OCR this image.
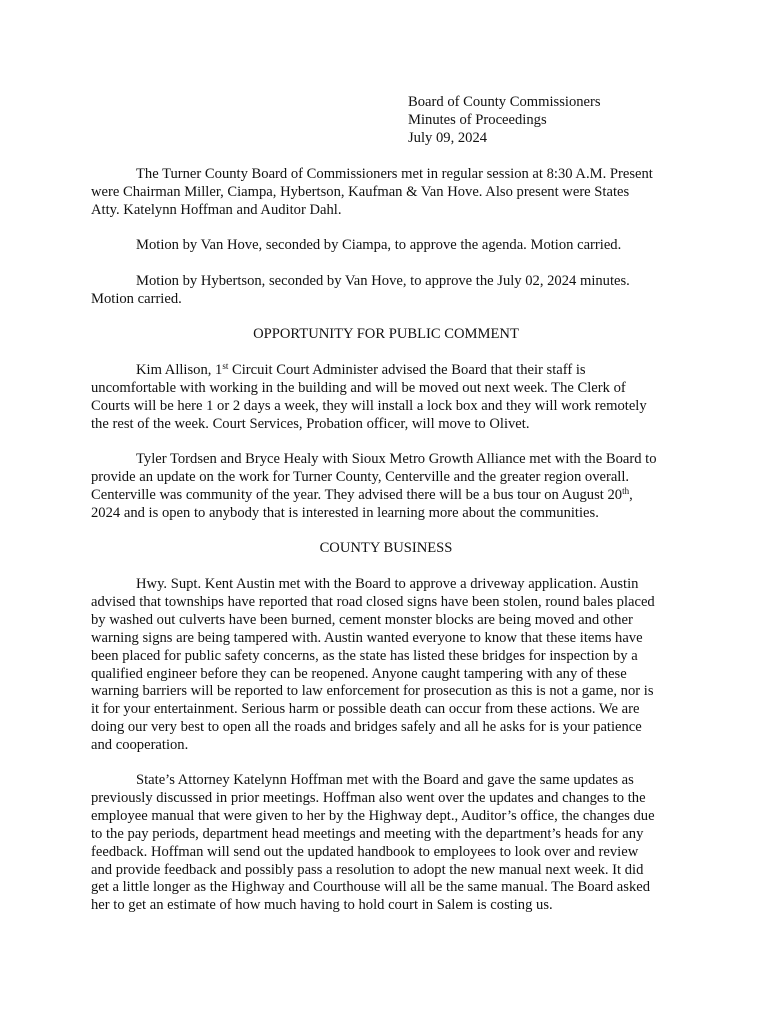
Board of County Commissioners
Minutes of Proceedings
July 09, 2024
The Turner County Board of Commissioners met in regular session at 8:30 A.M. Present
were Chairman Miller, Ciampa, Hybertson, Kaufman & Van Hove. Also present were States
Atty. Katelynn Hoffman and Auditor Dahl.
Motion by Van Hove, seconded by Ciampa, to approve the agenda. Motion carried.
Motion by Hybertson, seconded by Van Hove, to approve the July 02, 2024 minutes.
Motion carried.
OPPORTUNITY FOR PUBLIC COMMENT
Kim Allison, 1st Circuit Court Administer advised the Board that their staff is
uncomfortable with working in the building and will be moved out next week. The Clerk of
Courts will be here 1 or 2 days a week, they will install a lock box and they will work remotely
the rest of the week. Court Services, Probation officer, will move to Olivet.
Tyler Tordsen and Bryce Healy with Sioux Metro Growth Alliance met with the Board to
provide an update on the work for Turner County, Centerville and the greater region overall.
Centerville was community of the year. They advised there will be a bus tour on August 20th,
2024 and is open to anybody that is interested in learning more about the communities.
COUNTY BUSINESS
Hwy. Supt. Kent Austin met with the Board to approve a driveway application. Austin
advised that townships have reported that road closed signs have been stolen, round bales placed
by washed out culverts have been burned, cement monster blocks are being moved and other
warning signs are being tampered with. Austin wanted everyone to know that these items have
been placed for public safety concerns, as the state has listed these bridges for inspection by a
qualified engineer before they can be reopened. Anyone caught tampering with any of these
warning barriers will be reported to law enforcement for prosecution as this is not a game, nor is
it for your entertainment. Serious harm or possible death can occur from these actions. We are
doing our very best to open all the roads and bridges safely and all he asks for is your patience
and cooperation.
State’s Attorney Katelynn Hoffman met with the Board and gave the same updates as
previously discussed in prior meetings. Hoffman also went over the updates and changes to the
employee manual that were given to her by the Highway dept., Auditor’s office, the changes due
to the pay periods, department head meetings and meeting with the department’s heads for any
feedback. Hoffman will send out the updated handbook to employees to look over and review
and provide feedback and possibly pass a resolution to adopt the new manual next week. It did
get a little longer as the Highway and Courthouse will all be the same manual. The Board asked
her to get an estimate of how much having to hold court in Salem is costing us.
